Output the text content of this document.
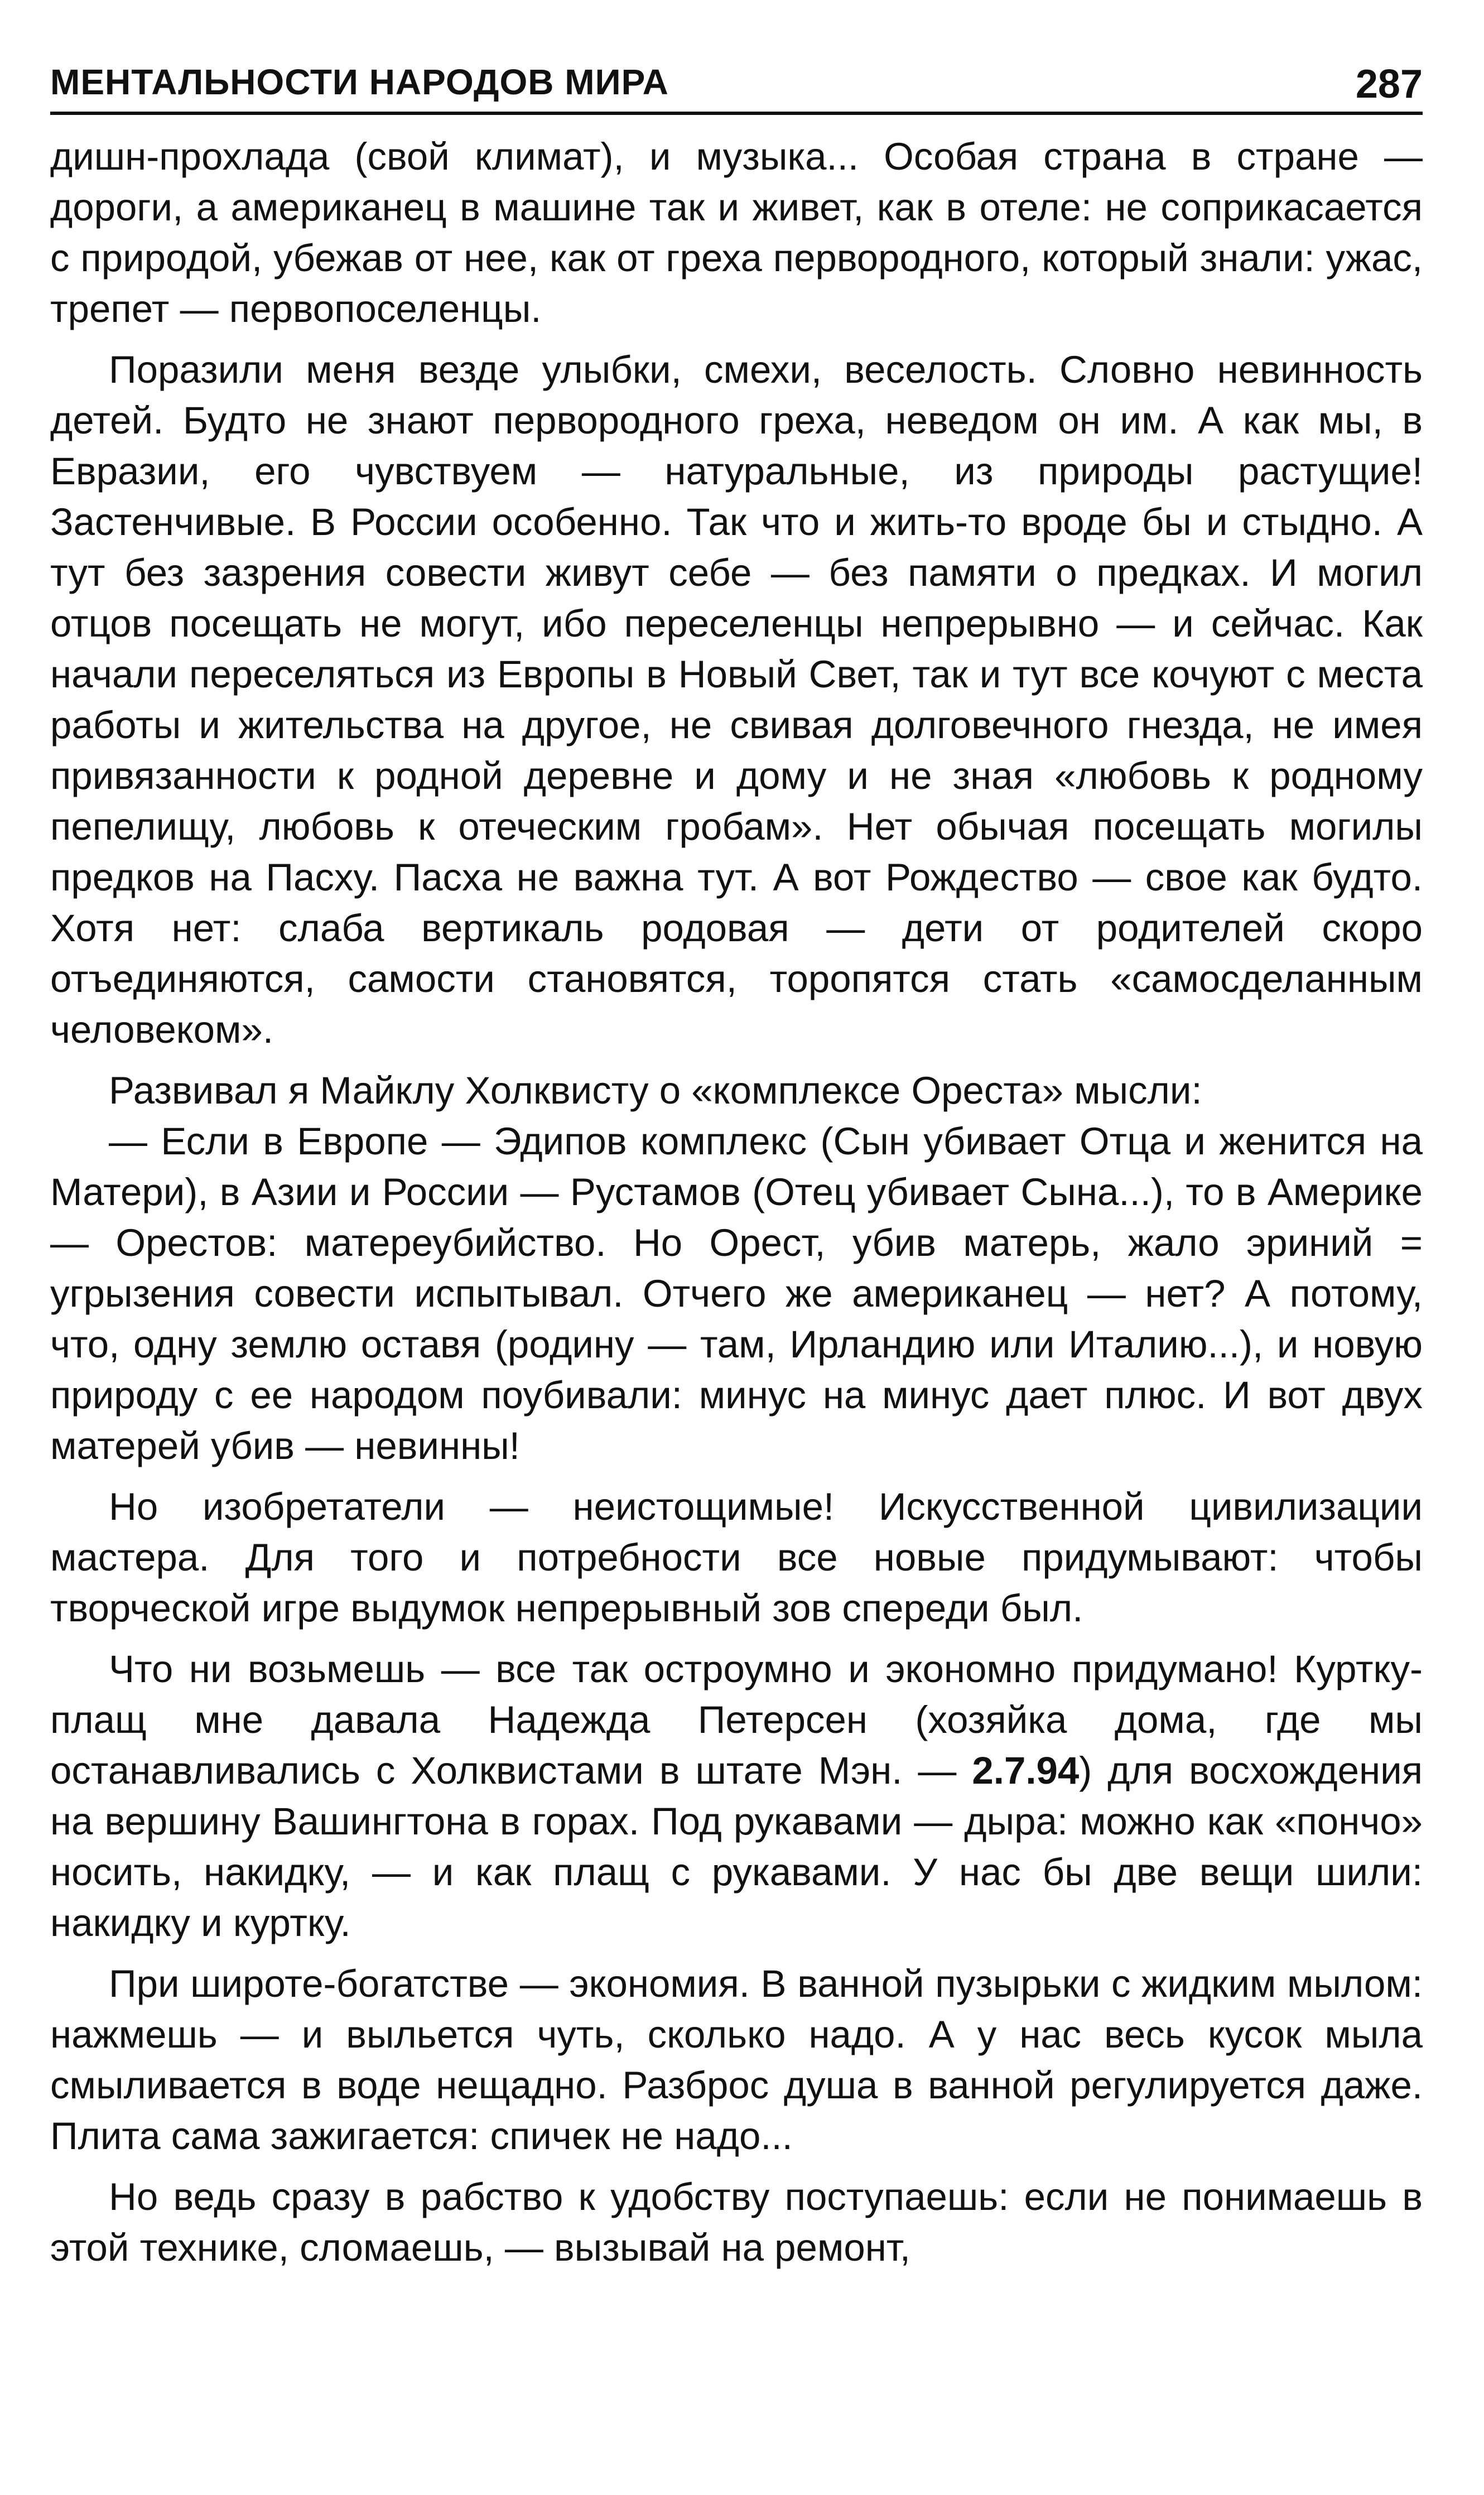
МЕНТАЛЬНОСТИ НАРОДОВ МИРА	287

дишн-прохлада (свой климат), и музыка... Особая страна в стране — дороги, а американец в машине так и живет, как в отеле: не соприкасается с природой, убежав от нее, как от греха первородного, который знали: ужас, трепет — первопоселенцы.

Поразили меня везде улыбки, смехи, веселость. Словно невинность детей. Будто не знают первородного греха, неведом он им. А как мы, в Евразии, его чувствуем — натуральные, из природы растущие! Застенчивые. В России особенно. Так что и жить-то вроде бы и стыдно. А тут без зазрения совести живут себе — без памяти о предках. И могил отцов посещать не могут, ибо переселенцы непрерывно — и сейчас. Как начали переселяться из Европы в Новый Свет, так и тут все кочуют с места работы и жительства на другое, не свивая долговечного гнезда, не имея привязанности к родной деревне и дому и не зная «любовь к родному пепелищу, любовь к отеческим гробам». Нет обычая посещать могилы предков на Пасху. Пасха не важна тут. А вот Рождество — свое как будто. Хотя нет: слаба вертикаль родовая — дети от родителей скоро отъединяются, самости становятся, торопятся стать «самосделанным человеком».

Развивал я Майклу Холквисту о «комплексе Ореста» мысли:

— Если в Европе — Эдипов комплекс (Сын убивает Отца и женится на Матери), в Азии и России — Рустамов (Отец убивает Сына...), то в Америке — Орестов: матереубийство. Но Орест, убив матерь, жало эриний = угрызения совести испытывал. Отчего же американец — нет? А потому, что, одну землю оставя (родину — там, Ирландию или Италию...), и новую природу с ее народом поубивали: минус на минус дает плюс. И вот двух матерей убив — невинны!

Но изобретатели — неистощимые! Искусственной цивилизации мастера. Для того и потребности все новые придумывают: чтобы творческой игре выдумок непрерывный зов спереди был.

Что ни возьмешь — все так остроумно и экономно придумано! Куртку-плащ мне давала Надежда Петерсен (хозяйка дома, где мы останавливались с Холквистами в штате Мэн. — 2.7.94) для восхождения на вершину Вашингтона в горах. Под рукавами — дыра: можно как «пончо» носить, накидку, — и как плащ с рукавами. У нас бы две вещи шили: накидку и куртку.

При широте-богатстве — экономия. В ванной пузырьки с жидким мылом: нажмешь — и выльется чуть, сколько надо. А у нас весь кусок мыла смыливается в воде нещадно. Разброс душа в ванной регулируется даже. Плита сама зажигается: спичек не надо...

Но ведь сразу в рабство к удобству поступаешь: если не понимаешь в этой технике, сломаешь, — вызывай на ремонт,
